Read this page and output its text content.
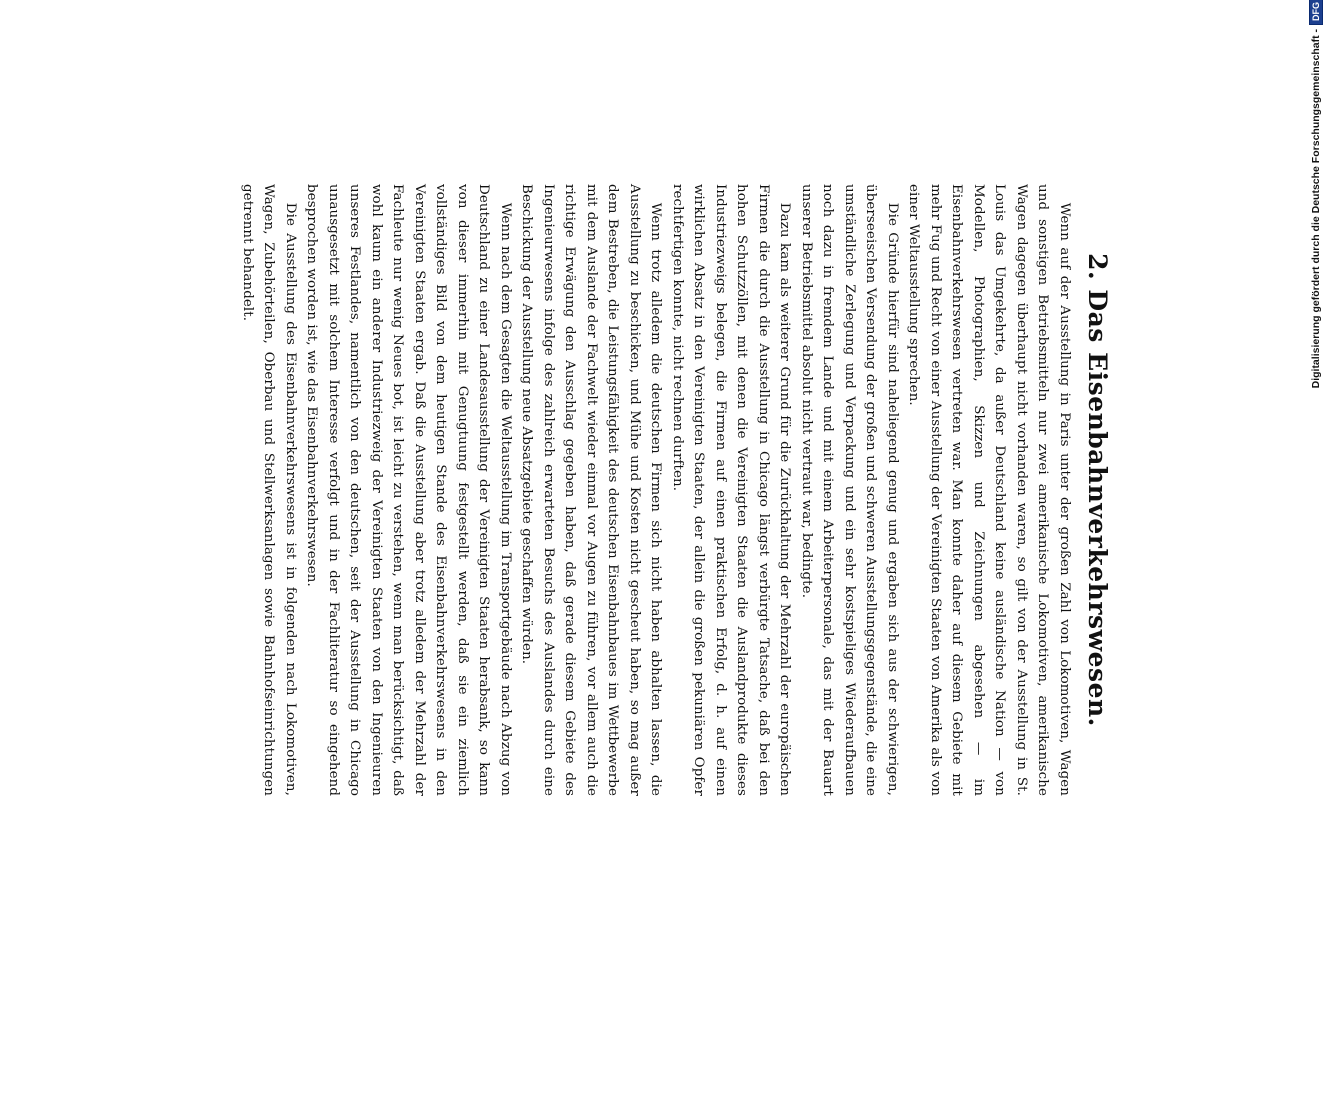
2. Das Eisenbahnverkehrswesen.

Wenn auf der Ausstellung in Paris unter der großen Zahl von Lokomotiven, Wagen und sonstigen Betriebsmitteln nur zwei amerikanische Lokomotiven, amerikanische Wagen dagegen überhaupt nicht vorhanden waren, so gilt von der Ausstellung in St. Louis das Umgekehrte, da außer Deutschland keine ausländische Nation — von Modellen, Photographien, Skizzen und Zeichnungen abgesehen — im Eisenbahnverkehrswesen vertreten war. Man konnte daher auf diesem Gebiete mit mehr Fug und Recht von einer Ausstellung der Vereinigten Staaten von Amerika als von einer Weltausstellung sprechen.

Die Gründe hierfür sind naheliegend genug und ergaben sich aus der schwierigen, überseeischen Versendung der großen und schweren Ausstellungsgegenstände, die eine umständliche Zerlegung und Verpackung und ein sehr kostspieliges Wiederaufbauen noch dazu in fremdem Lande und mit einem Arbeiterpersonale, das mit der Bauart unserer Betriebsmittel absolut nicht vertraut war, bedingte.

Dazu kam als weiterer Grund für die Zurückhaltung der Mehrzahl der europäischen Firmen die durch die Ausstellung in Chicago längst verbürgte Tatsache, daß bei den hohen Schutzzöllen, mit denen die Vereinigten Staaten die Auslandprodukte dieses Industriezweigs belegen, die Firmen auf einen praktischen Erfolg, d. h. auf einen wirklichen Absatz in den Vereinigten Staaten, der allein die großen pekuniären Opfer rechtfertigen konnte, nicht rechnen durften.

Wenn trotz alledem die deutschen Firmen sich nicht haben abhalten lassen, die Ausstellung zu beschicken, und Mühe und Kosten nicht gescheut haben, so mag außer dem Bestreben, die Leistungsfähigkeit des deutschen Eisenbahnbaues im Wettbewerbe mit dem Auslande der Fachwelt wieder einmal vor Augen zu führen, vor allem auch die richtige Erwägung den Ausschlag gegeben haben, daß gerade diesem Gebiete des Ingenieurwesens infolge des zahlreich erwarteten Besuchs des Auslandes durch eine Beschickung der Ausstellung neue Absatzgebiete geschaffen würden.

Wenn nach dem Gesagten die Weltausstellung im Transportgebäude nach Abzug von Deutschland zu einer Landesausstellung der Vereinigten Staaten herabsank, so kann von dieser immerhin mit Genugtuung festgestellt werden, daß sie ein ziemlich vollständiges Bild von dem heutigen Stande des Eisenbahnverkehrswesens in den Vereinigten Staaten ergab. Daß die Ausstellung aber trotz alledem der Mehrzahl der Fachleute nur wenig Neues bot, ist leicht zu verstehen, wenn man berücksichtigt, daß wohl kaum ein anderer Industriezweig der Vereinigten Staaten von den Ingenieuren unseres Festlandes, namentlich von den deutschen, seit der Ausstellung in Chicago unausgesetzt mit solchem Interesse verfolgt und in der Fachliteratur so eingehend besprochen worden ist, wie das Eisenbahnverkehrswesen.

Die Ausstellung des Eisenbahnverkehrswesens ist in folgenden nach Lokomotiven, Wagen, Zubehörteilen, Oberbau und Stellwerksanlagen sowie Bahnhofseinrichtungen getrennt behandelt.	Digitalisierung gefördert durch die Deutsche Forschungsgemeinschaft -
DFG
